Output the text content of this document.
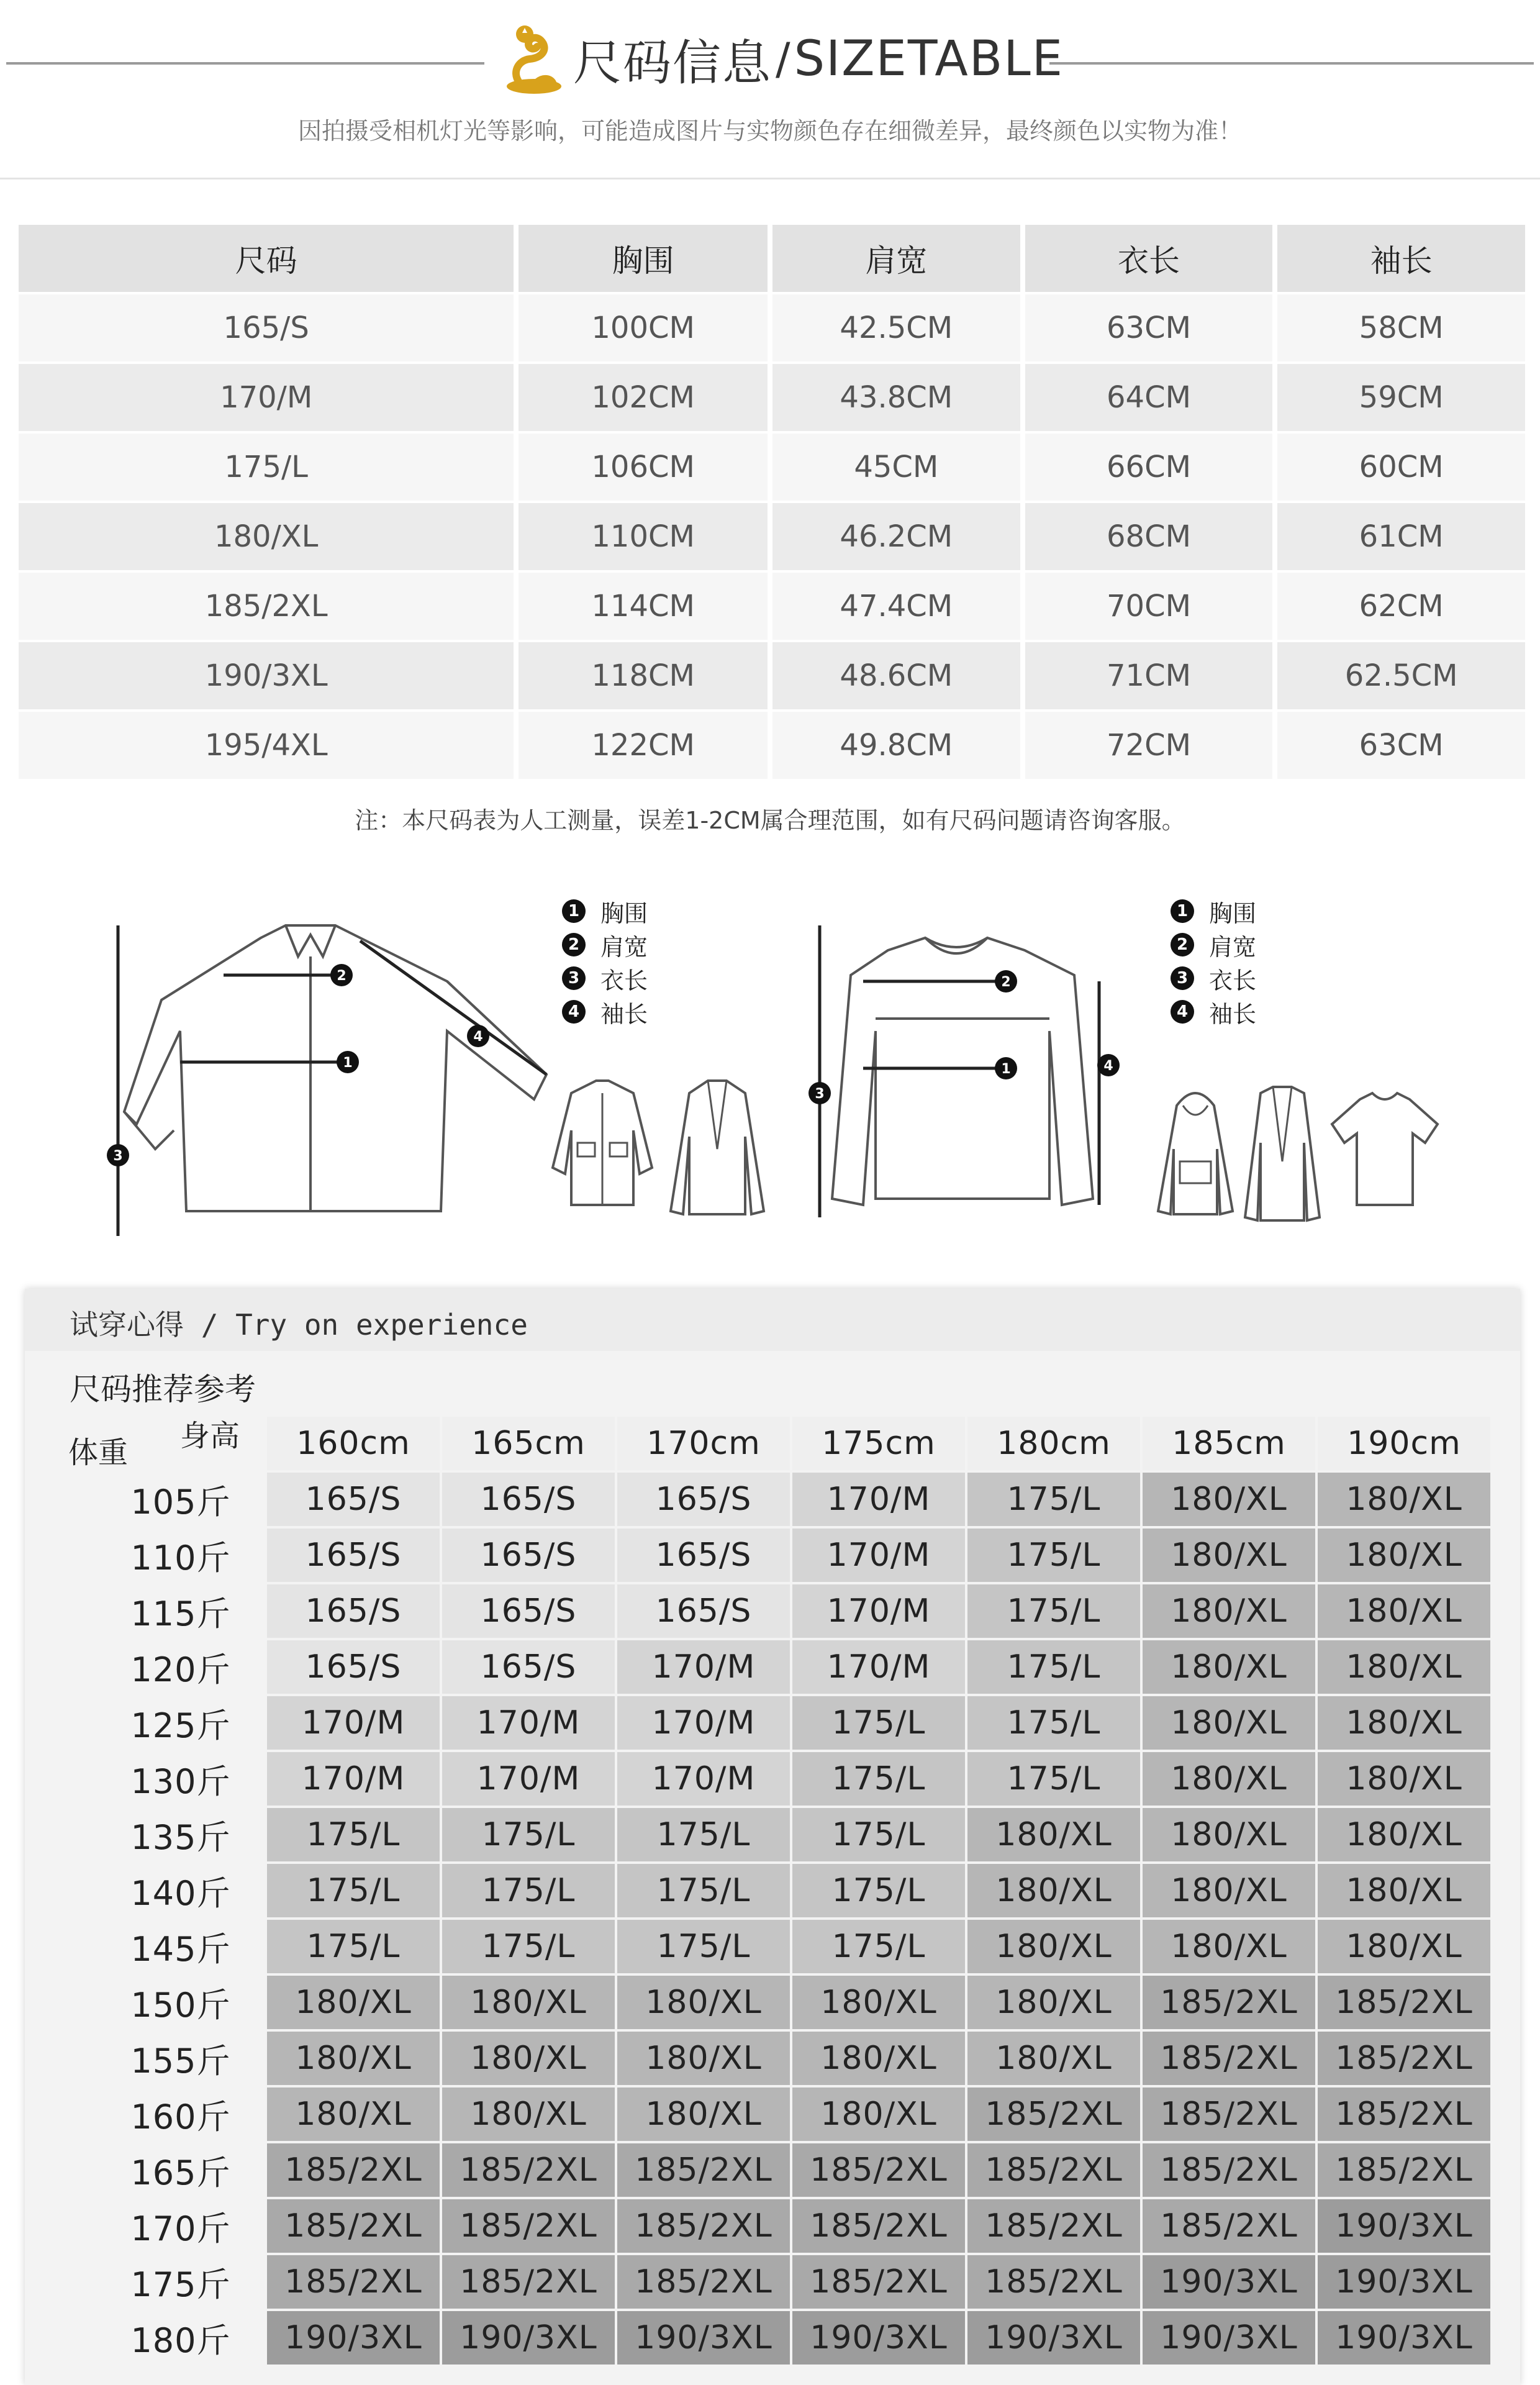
尺码信息 / SIZETABLE
因拍摄受相机灯光等影响，可能造成图片与实物颜色存在细微差异，最终颜色以实物为准！
尺码	胸围	肩宽	衣长	袖长
165/S	100CM	42.5CM	63CM	58CM
170/M	102CM	43.8CM	64CM	59CM
175/L	106CM	45CM	66CM	60CM
180/XL	110CM	46.2CM	68CM	61CM
185/2XL	114CM	47.4CM	70CM	62CM
190/3XL	118CM	48.6CM	71CM	62.5CM
195/4XL	122CM	49.8CM	72CM	63CM
注：本尺码表为人工测量，误差1-2CM属合理范围，如有尺码问题请咨询客服。
1
2
3
4
1 胸围
2 肩宽
3 衣长
4 袖长
1
2
3
4
1 胸围
2 肩宽
3 衣长
4 袖长
试穿心得 / Try on experience
尺码推荐参考
身高
体重	160cm	165cm	170cm	175cm	180cm	185cm	190cm
105斤	165/S	165/S	165/S	170/M	175/L	180/XL	180/XL
110斤	165/S	165/S	165/S	170/M	175/L	180/XL	180/XL
115斤	165/S	165/S	165/S	170/M	175/L	180/XL	180/XL
120斤	165/S	165/S	170/M	170/M	175/L	180/XL	180/XL
125斤	170/M	170/M	170/M	175/L	175/L	180/XL	180/XL
130斤	170/M	170/M	170/M	175/L	175/L	180/XL	180/XL
135斤	175/L	175/L	175/L	175/L	180/XL	180/XL	180/XL
140斤	175/L	175/L	175/L	175/L	180/XL	180/XL	180/XL
145斤	175/L	175/L	175/L	175/L	180/XL	180/XL	180/XL
150斤	180/XL	180/XL	180/XL	180/XL	180/XL	185/2XL	185/2XL
155斤	180/XL	180/XL	180/XL	180/XL	180/XL	185/2XL	185/2XL
160斤	180/XL	180/XL	180/XL	180/XL	185/2XL	185/2XL	185/2XL
165斤	185/2XL	185/2XL	185/2XL	185/2XL	185/2XL	185/2XL	185/2XL
170斤	185/2XL	185/2XL	185/2XL	185/2XL	185/2XL	185/2XL	190/3XL
175斤	185/2XL	185/2XL	185/2XL	185/2XL	185/2XL	190/3XL	190/3XL
180斤	190/3XL	190/3XL	190/3XL	190/3XL	190/3XL	190/3XL	190/3XL
